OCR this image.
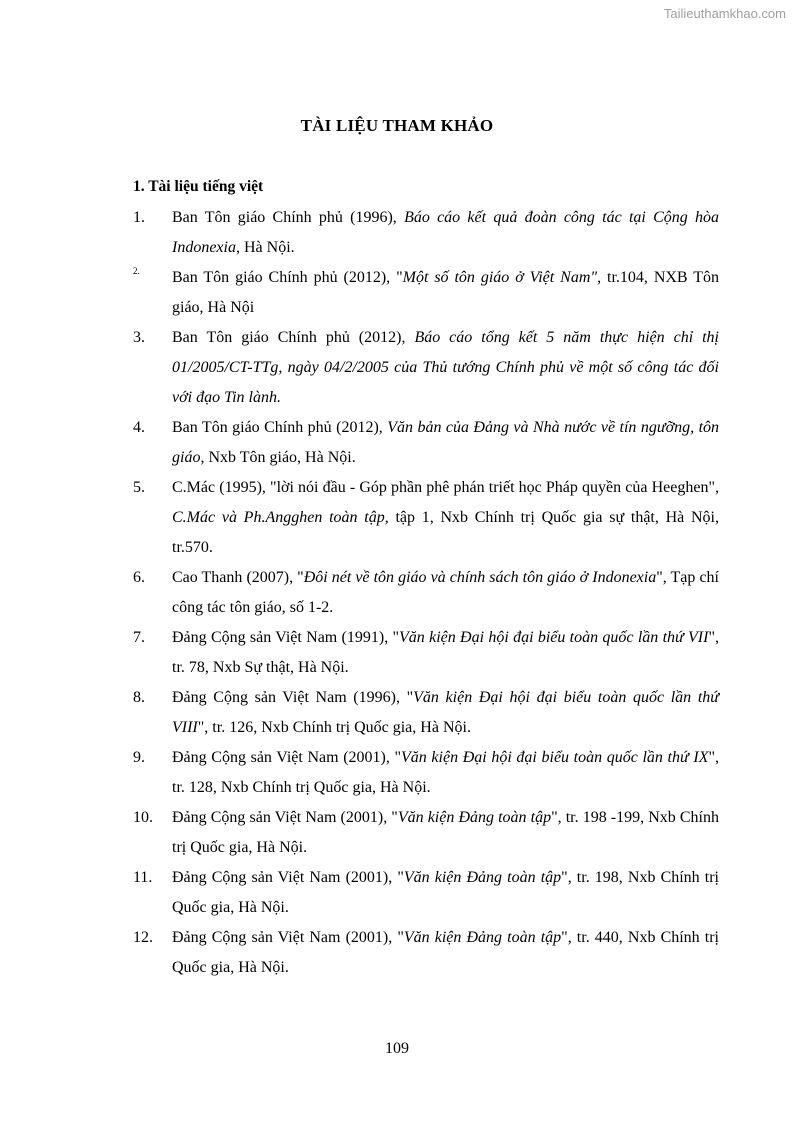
Tailieuthamkhao.com
TÀI LIỆU THAM KHẢO
1. Tài liệu tiếng việt
1. Ban Tôn giáo Chính phủ (1996), Báo cáo kết quả đoàn công tác tại Cộng hòa Indonexia, Hà Nội.
2. Ban Tôn giáo Chính phủ (2012), "Một số tôn giáo ở Việt Nam", tr.104, NXB Tôn giáo, Hà Nội
3. Ban Tôn giáo Chính phủ (2012), Báo cáo tổng kết 5 năm thực hiện chỉ thị 01/2005/CT-TTg, ngày 04/2/2005 của Thủ tướng Chính phủ về một số công tác đối với đạo Tin lành.
4. Ban Tôn giáo Chính phủ (2012), Văn bản của Đảng và Nhà nước về tín ngưỡng, tôn giáo, Nxb Tôn giáo, Hà Nội.
5. C.Mác (1995), "lời nói đầu - Góp phần phê phán triết học Pháp quyền của Heeghen", C.Mác và Ph.Angghen toàn tập, tập 1, Nxb Chính trị Quốc gia sự thật, Hà Nội, tr.570.
6. Cao Thanh (2007), "Đôi nét về tôn giáo và chính sách tôn giáo ở Indonexia", Tạp chí công tác tôn giáo, số 1-2.
7. Đảng Cộng sản Việt Nam (1991), "Văn kiện Đại hội đại biểu toàn quốc lần thứ VII", tr. 78, Nxb Sự thật, Hà Nội.
8. Đảng Cộng sản Việt Nam (1996), "Văn kiện Đại hội đại biểu toàn quốc lần thứ VIII", tr. 126, Nxb Chính trị Quốc gia, Hà Nội.
9. Đảng Cộng sản Việt Nam (2001), "Văn kiện Đại hội đại biểu toàn quốc lần thứ IX", tr. 128, Nxb Chính trị Quốc gia, Hà Nội.
10. Đảng Cộng sản Việt Nam (2001), "Văn kiện Đảng toàn tập", tr. 198 -199, Nxb Chính trị Quốc gia, Hà Nội.
11. Đảng Cộng sản Việt Nam (2001), "Văn kiện Đảng toàn tập", tr. 198, Nxb Chính trị Quốc gia, Hà Nội.
12. Đảng Cộng sản Việt Nam (2001), "Văn kiện Đảng toàn tập", tr. 440, Nxb Chính trị Quốc gia, Hà Nội.
109
